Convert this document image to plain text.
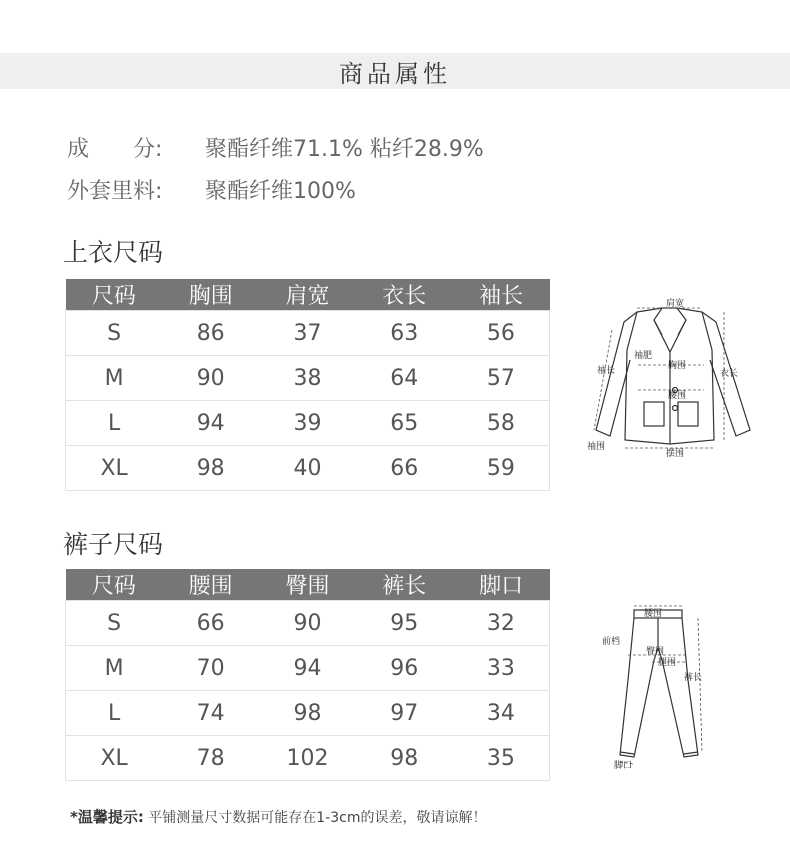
商品属性
成　　分: 聚酯纤维71.1% 粘纤28.9%
外套里料: 聚酯纤维100%
上衣尺码
尺码	胸围	肩宽	衣长	袖长
S	86	37	63	56
M	90	38	64	57
L	94	39	65	58
XL	98	40	66	59
肩宽
袖肥
胸围
袖长	衣长
腰围
袖围
摆围
裤子尺码
尺码	腰围	臀围	裤长	脚口
S	66	90	95	32
M	70	94	96	33
L	74	98	97	34
XL	78	102	98	35
腰围
前档
臀围
腿围
裤长
脚口
*温馨提示: 平铺测量尺寸数据可能存在1-3cm的误差，敬请谅解！
